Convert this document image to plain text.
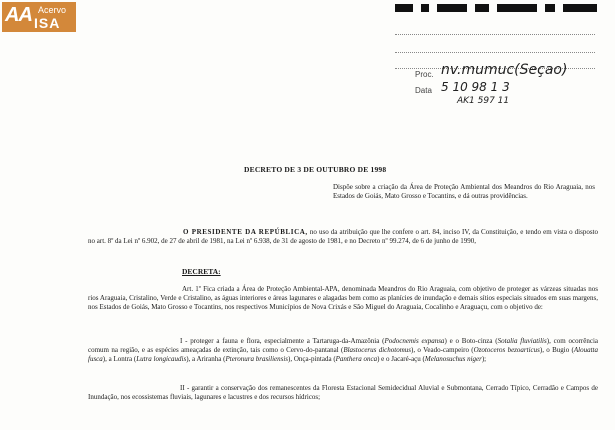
AA Acervo
ISA
Proc. nv.mumuc(Seçao)
Data 5 10 98 1 3
AK1 597 11
DECRETO DE 3 DE OUTUBRO DE 1998
Dispõe sobre a criação da Área de Proteção Ambiental dos Meandros do Rio Araguaia, nos Estados de Goiás, Mato Grosso e Tocantins, e dá outras providências.
O PRESIDENTE DA REPÚBLICA, no uso da atribuição que lhe confere o art. 84, inciso IV, da Constituição, e tendo em vista o disposto no art. 8º da Lei nº 6.902, de 27 de abril de 1981, na Lei nº 6.938, de 31 de agosto de 1981, e no Decreto nº 99.274, de 6 de junho de 1990,
DECRETA:
Art. 1º Fica criada a Área de Proteção Ambiental-APA, denominada Meandros do Rio Araguaia, com objetivo de proteger as várzeas situadas nos rios Araguaia, Cristalino, Verde e Cristalino, as águas interiores e áreas lagunares e alagadas bem como as planícies de inundação e demais sítios especiais situados em suas margens, nos Estados de Goiás, Mato Grosso e Tocantins, nos respectivos Municípios de Nova Crixás e São Miguel do Araguaia, Cocalinho e Araguaçu, com o objetivo de:
I - proteger a fauna e flora, especialmente a Tartaruga-da-Amazônia (Podocnemis expansa) e o Boto-cinza (Sotalia fluviatilis), com ocorrência comum na região, e as espécies ameaçadas de extinção, tais como o Cervo-do-pantanal (Blastocerus dichotomus), o Veado-campeiro (Ozotoceros bezoarticus), o Bugio (Alouatta fusca), a Lontra (Lutra longicaudis), a Ariranha (Pteronura brasiliensis), Onça-pintada (Panthera onca) e o Jacaré-açu (Melanosuchus niger);
II - garantir a conservação dos remanescentes da Floresta Estacional Semidecidual Aluvial e Submontana, Cerrado Típico, Cerradão e Campos de Inundação, nos ecossistemas fluviais, lagunares e lacustres e dos recursos hídricos;
